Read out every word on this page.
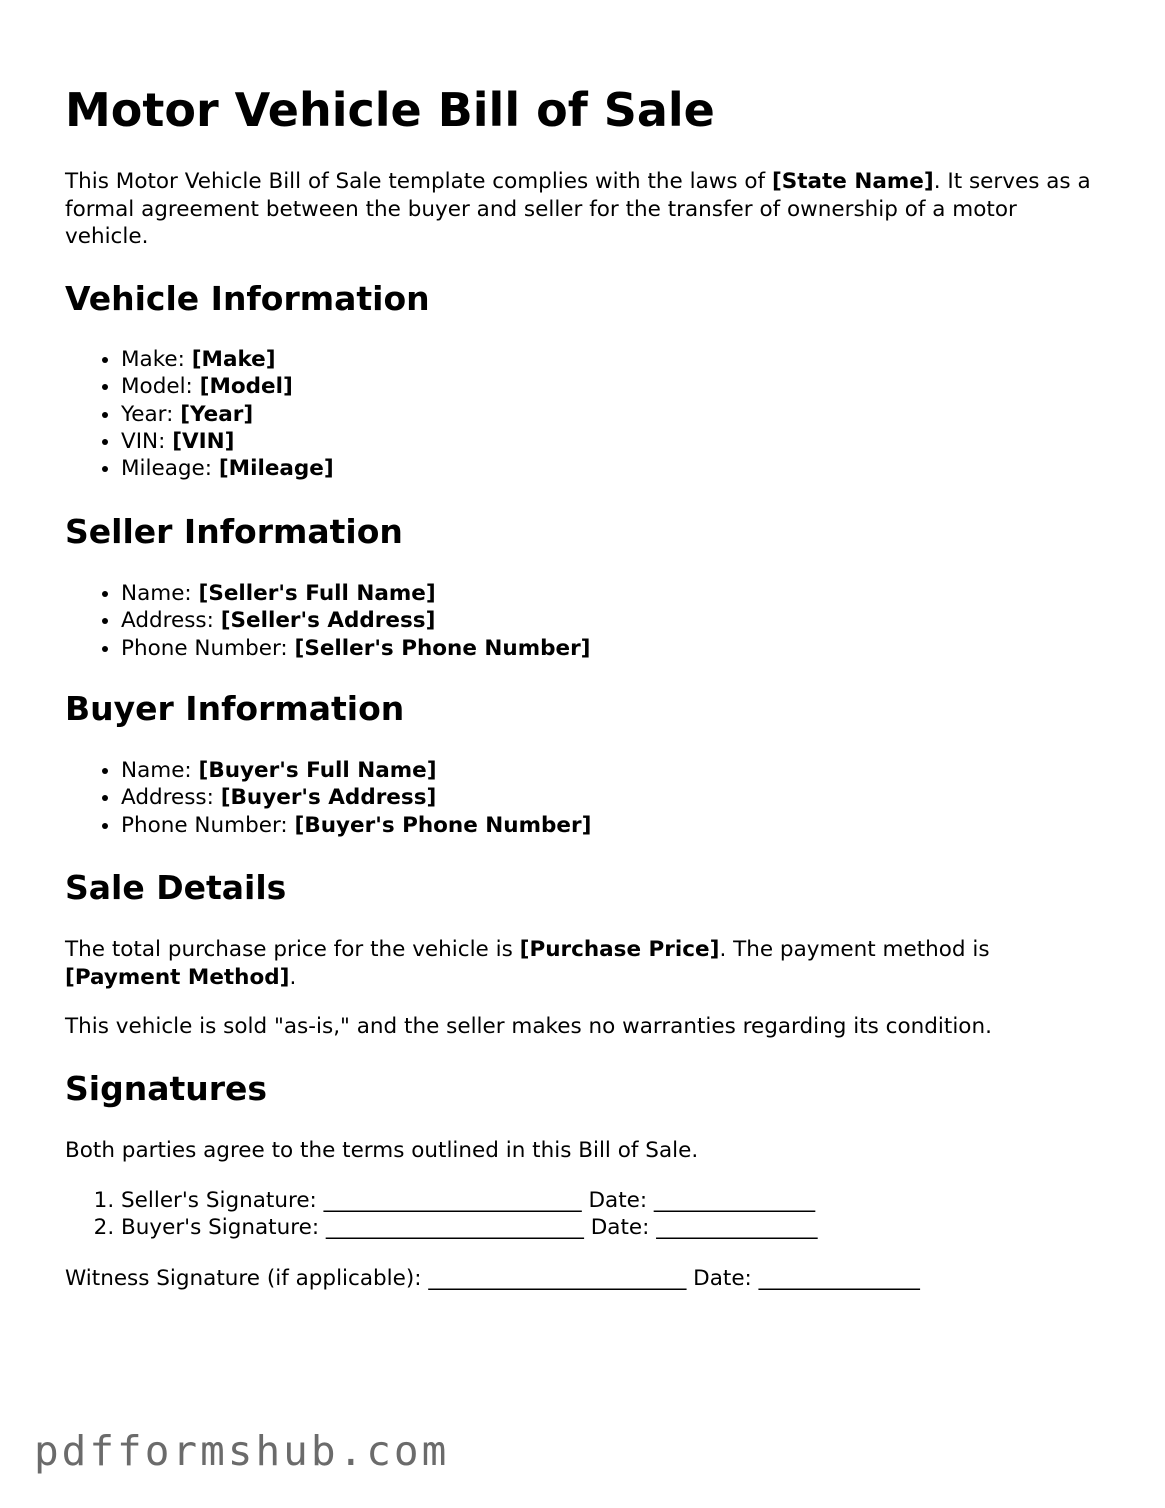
Motor Vehicle Bill of Sale

This Motor Vehicle Bill of Sale template complies with the laws of [State Name]. It serves as a formal agreement between the buyer and seller for the transfer of ownership of a motor vehicle.

Vehicle Information
• Make: [Make]
• Model: [Model]
• Year: [Year]
• VIN: [VIN]
• Mileage: [Mileage]
Seller Information
• Name: [Seller's Full Name]
• Address: [Seller's Address]
• Phone Number: [Seller's Phone Number]
Buyer Information
• Name: [Buyer's Full Name]
• Address: [Buyer's Address]
• Phone Number: [Buyer's Phone Number]
Sale Details

The total purchase price for the vehicle is [Purchase Price]. The payment method is [Payment Method].

This vehicle is sold "as-is," and the seller makes no warranties regarding its condition.

Signatures

Both parties agree to the terms outlined in this Bill of Sale.

1. Seller's Signature: ________________________ Date: _______________
2. Buyer's Signature: ________________________ Date: _______________

Witness Signature (if applicable): ________________________ Date: _______________

pdfformshub.com
